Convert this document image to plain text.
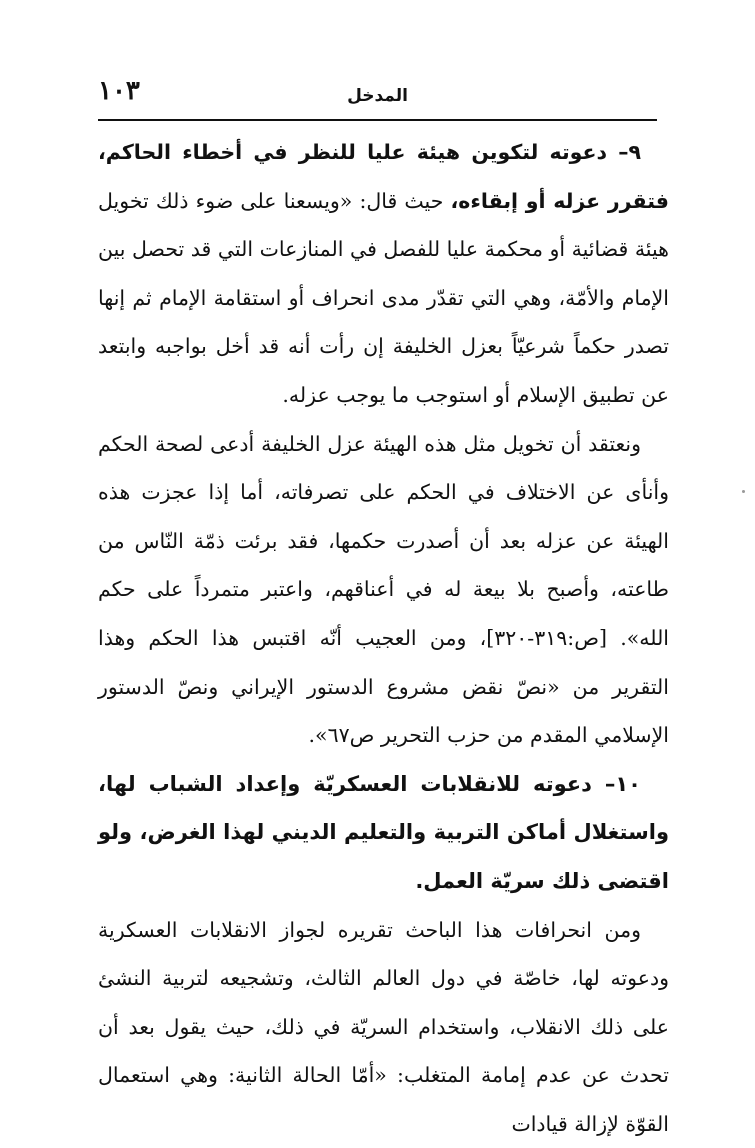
١٠٣	المدخل

٩– دعوته لتكوين هيئة عليا للنظر في أخطاء الحاكم، فتقرر عزله أو إبقاءه، حيث قال: «ويسعنا على ضوء ذلك تخويل هيئة قضائية أو محكمة عليا للفصل في المنازعات التي قد تحصل بين الإمام والأمّة، وهي التي تقدّر مدى انحراف أو استقامة الإمام ثم إنها تصدر حكماً شرعيّاً بعزل الخليفة إن رأت أنه قد أخل بواجبه وابتعد عن تطبيق الإسلام أو استوجب ما يوجب عزله.

ونعتقد أن تخويل مثل هذه الهيئة عزل الخليفة أدعى لصحة الحكم وأنأى عن الاختلاف في الحكم على تصرفاته، أما إذا عجزت هذه الهيئة عن عزله بعد أن أصدرت حكمها، فقد برئت ذمّة النّاس من طاعته، وأصبح بلا بيعة له في أعناقهم، واعتبر متمرداً على حكم الله». [ص:٣١٩-٣٢٠]، ومن العجيب أنّه اقتبس هذا الحكم وهذا التقرير من «نصّ نقض مشروع الدستور الإيراني ونصّ الدستور الإسلامي المقدم من حزب التحرير ص٦٧».

١٠– دعوته للانقلابات العسكريّة وإعداد الشباب لها، واستغلال أماكن التربية والتعليم الديني لهذا الغرض، ولو اقتضى ذلك سريّة العمل.

ومن انحرافات هذا الباحث تقريره لجواز الانقلابات العسكرية ودعوته لها، خاصّة في دول العالم الثالث، وتشجيعه لتربية النشئ على ذلك الانقلاب، واستخدام السريّة في ذلك، حيث يقول بعد أن تحدث عن عدم إمامة المتغلب: «أمّا الحالة الثانية: وهي استعمال القوّة لإزالة قيادات
